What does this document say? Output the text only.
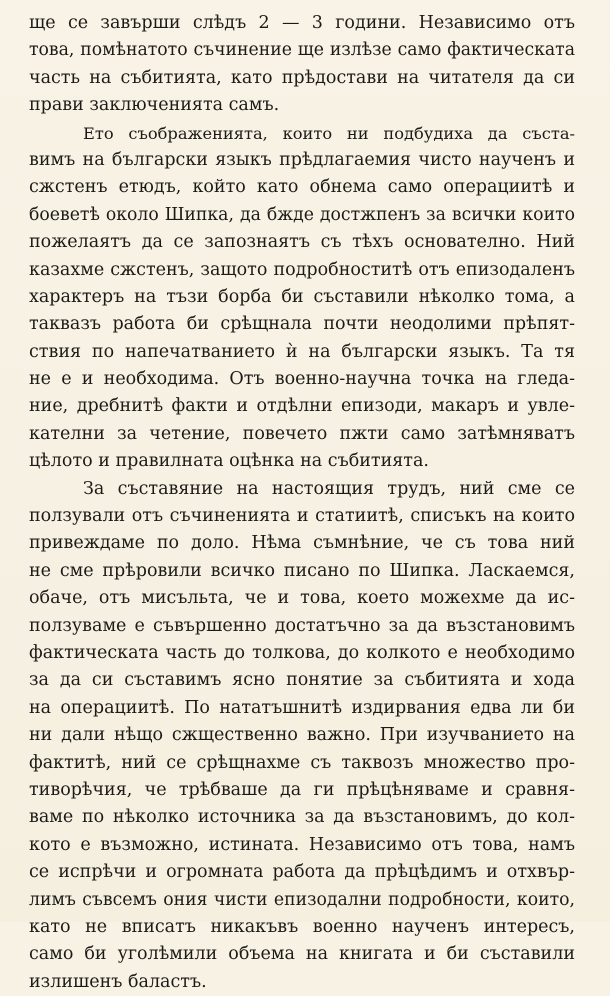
ще се завърши слѣдъ 2 — 3 години. Независимо отъ
това, помѣнатото съчинение ще излѣзе само фактическата
часть на събитията, като прѣдостави на читателя да си
прави заключенията самъ.
Ето съображенията, които ни подбудиха да съста-
вимъ на български языкъ прѣдлагаемия чисто наученъ и
сжстенъ етюдъ, който като обнема само операциитѣ и
боеветѣ около Шипка, да бжде достжпенъ за всички които
пожелаятъ да се запознаятъ съ тѣхъ основателно. Ний
казахме сжстенъ, защото подробноститѣ отъ епизодаленъ
характеръ на тъзи борба би съставили нѣколко тома, а
таквазъ работа би срѣщнала почти неодолими прѣпят-
ствия по напечатванието ѝ на български языкъ. Та тя
не е и необходима. Отъ военно-научна точка на гледа-
ние, дребнитѣ факти и отдѣлни епизоди, макаръ и увле-
кателни за четение, повечето пжти само затѣмняватъ
цѣлото и правилната оцѣнка на събитията.
За съставяние на настоящия трудъ, ний сме се
ползували отъ съчиненията и статиитѣ, списъкъ на които
привеждаме по доло. Нѣма съмнѣние, че съ това ний
не сме прѣровили всичко писано по Шипка. Ласкаемся,
обаче, отъ мисъльта, че и това, което можехме да ис-
ползуваме е съвършенно достатъчно за да възстановимъ
фактическата часть до толкова, до колкото е необходимо
за да си съставимъ ясно понятие за събитията и хода
на операциитѣ. По нататъшнитѣ издирвания едва ли би
ни дали нѣщо сжщественно важно. При изучванието на
фактитѣ, ний се срѣщнахме съ таквозъ множество про-
тиворѣчия, че трѣбваше да ги прѣцѣняваме и сравня-
ваме по нѣколко источника за да възстановимъ, до кол-
кото е възможно, истината. Независимо отъ това, намъ
се испрѣчи и огромната работа да прѣцѣдимъ и отхвър-
лимъ съвсемъ ония чисти епизодални подробности, които,
като не вписатъ никакъвъ военно наученъ интересъ,
само би уголѣмили объема на книгата и би съставили
излишенъ баластъ.
